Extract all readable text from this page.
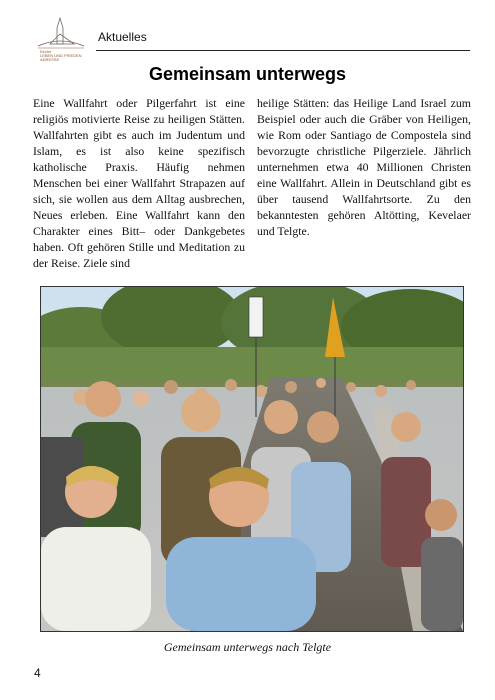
Kirche
LEBEN UND FRIEDEN
ADRESSE
Aktuelles
Gemeinsam unterwegs
Eine Wallfahrt oder Pilgerfahrt ist eine religiös motivierte Reise zu heiligen Stätten. Wallfahrten gibt es auch im Judentum und Islam, es ist also keine spezifisch katholische Praxis. Häufig nehmen Menschen bei einer Wallfahrt Strapazen auf sich, sie wollen aus dem Alltag ausbrechen, Neues erleben. Eine Wallfahrt kann den Charakter eines Bitt– oder Dankgebetes haben. Oft gehören Stille und Meditation zu der Reise. Ziele sind
heilige Stätten: das Heilige Land Israel zum Beispiel oder auch die Gräber von Heiligen, wie Rom oder Santiago de Compostela sind bevorzugte christliche Pilgerziele. Jährlich unternehmen etwa 40 Millionen Christen eine Wallfahrt. Allein in Deutschland gibt es über tausend Wallfahrtsorte. Zu den bekanntesten gehören Altötting, Kevelaer und Telgte.
Gemeinsam unterwegs nach Telgte
4
